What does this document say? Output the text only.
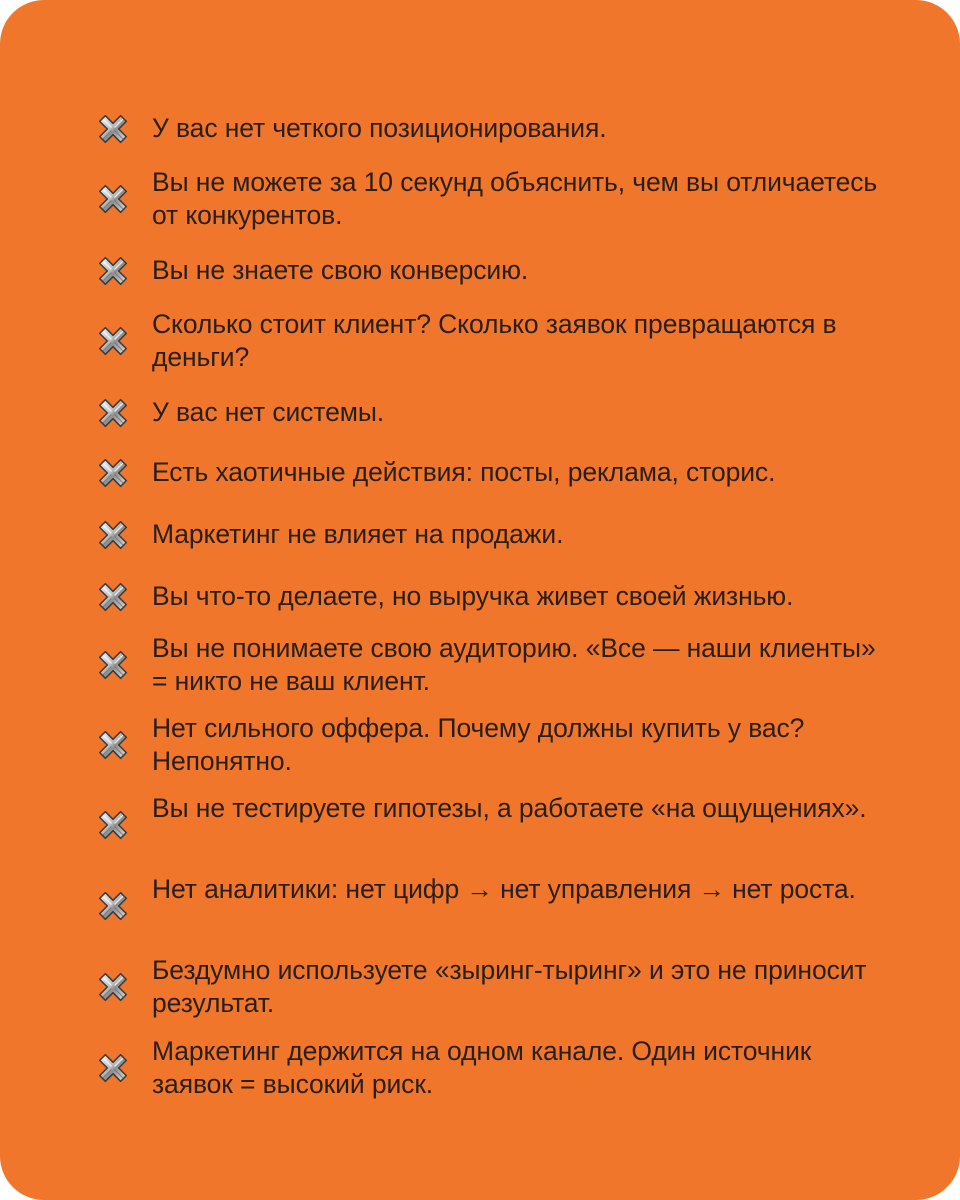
У вас нет четкого позиционирования.
Вы не можете за 10 секунд объяснить, чем вы отличаетесь от конкурентов.
Вы не знаете свою конверсию.
Сколько стоит клиент? Сколько заявок превращаются в деньги?
У вас нет системы.
Есть хаотичные действия: посты, реклама, сторис.
Маркетинг не влияет на продажи.
Вы что-то делаете, но выручка живет своей жизнью.
Вы не понимаете свою аудиторию. «Все — наши клиенты» = никто не ваш клиент.
Нет сильного оффера. Почему должны купить у вас? Непонятно.
Вы не тестируете гипотезы, а работаете «на ощущениях».
Нет аналитики: нет цифр → нет управления → нет роста.
Бездумно используете «зыринг-тыринг» и это не приносит результат.
Маркетинг держится на одном канале. Один источник заявок = высокий риск.
